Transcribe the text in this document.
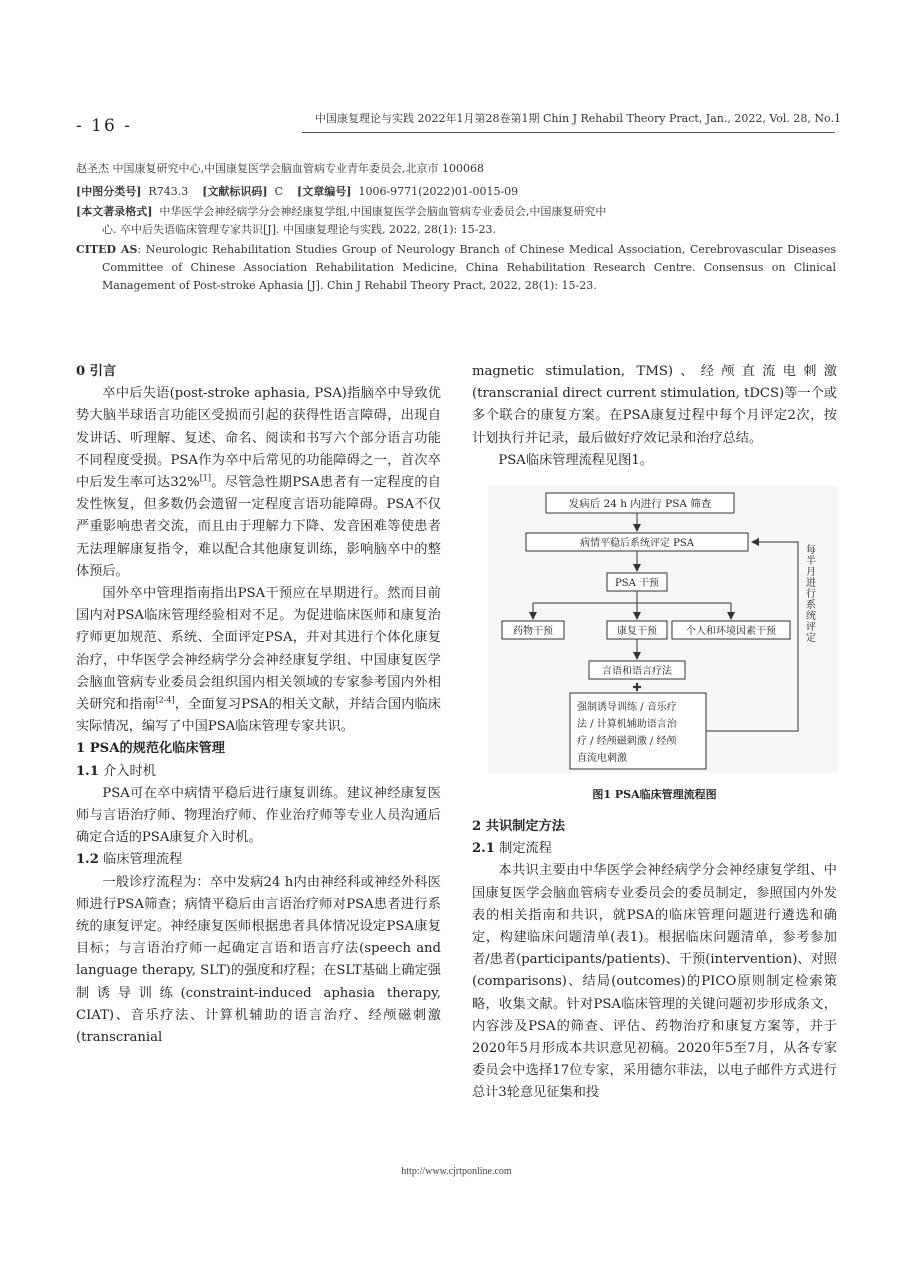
- 16 -	中国康复理论与实践 2022年1月第28卷第1期 Chin J Rehabil Theory Pract, Jan., 2022, Vol. 28, No.1

赵圣杰 中国康复研究中心,中国康复医学会脑血管病专业青年委员会,北京市 100068

[中图分类号] R743.3 [文献标识码] C [文章编号] 1006-9771(2022)01-0015-09

[本文著录格式] 中华医学会神经病学分会神经康复学组,中国康复医学会脑血管病专业委员会,中国康复研究中

心. 卒中后失语临床管理专家共识[J]. 中国康复理论与实践, 2022, 28(1): 15-23.

CITED AS: Neurologic Rehabilitation Studies Group of Neurology Branch of Chinese Medical Association, Cerebrovascular Diseases Committee of Chinese Association Rehabilitation Medicine, China Rehabilitation Research Centre. Consensus on Clinical Management of Post-stroke Aphasia [J]. Chin J Rehabil Theory Pract, 2022, 28(1): 15-23.

0 引言

卒中后失语(post-stroke aphasia, PSA)指脑卒中导致优势大脑半球语言功能区受损而引起的获得性语言障碍，出现自发讲话、听理解、复述、命名、阅读和书写六个部分语言功能不同程度受损。PSA作为卒中后常见的功能障碍之一，首次卒中后发生率可达32%[1]。尽管急性期PSA患者有一定程度的自发性恢复，但多数仍会遗留一定程度言语功能障碍。PSA不仅严重影响患者交流，而且由于理解力下降、发音困难等使患者无法理解康复指令，难以配合其他康复训练，影响脑卒中的整体预后。

国外卒中管理指南指出PSA干预应在早期进行。然而目前国内对PSA临床管理经验相对不足。为促进临床医师和康复治疗师更加规范、系统、全面评定PSA，并对其进行个体化康复治疗，中华医学会神经病学分会神经康复学组、中国康复医学会脑血管病专业委员会组织国内相关领域的专家参考国内外相关研究和指南[2-4]，全面复习PSA的相关文献，并结合国内临床实际情况，编写了中国PSA临床管理专家共识。

1 PSA的规范化临床管理

1.1 介入时机

PSA可在卒中病情平稳后进行康复训练。建议神经康复医师与言语治疗师、物理治疗师、作业治疗师等专业人员沟通后确定合适的PSA康复介入时机。

1.2 临床管理流程

一般诊疗流程为：卒中发病24 h内由神经科或神经外科医师进行PSA筛查；病情平稳后由言语治疗师对PSA患者进行系统的康复评定。神经康复医师根据患者具体情况设定PSA康复目标；与言语治疗师一起确定言语和语言疗法(speech and language therapy, SLT)的强度和疗程；在SLT基础上确定强制诱导训练(constraint-induced aphasia therapy, CIAT)、音乐疗法、计算机辅助的语言治疗、经颅磁刺激(transcranial

magnetic stimulation, TMS)、经颅直流电刺激(transcranial direct current stimulation, tDCS)等一个或多个联合的康复方案。在PSA康复过程中每个月评定2次，按计划执行并记录，最后做好疗效记录和治疗总结。

PSA临床管理流程见图1。

发病后 24 h 内进行 PSA 筛查
病情平稳后系统评定 PSA
PSA 干预
药物干预	康复干预	个人和环境因素干预
言语和语言疗法
✚
强制诱导训练 / 音乐疗
法 / 计算机辅助语言治
疗 / 经颅磁刺激 / 经颅
直流电刺激
每半月进行系统评定
图1 PSA临床管理流程图

2 共识制定方法

2.1 制定流程

本共识主要由中华医学会神经病学分会神经康复学组、中国康复医学会脑血管病专业委员会的委员制定，参照国内外发表的相关指南和共识，就PSA的临床管理问题进行遴选和确定，构建临床问题清单(表1)。根据临床问题清单，参考参加者/患者(participants/patients)、干预(intervention)、对照(comparisons)、结局(outcomes)的PICO原则制定检索策略，收集文献。针对PSA临床管理的关键问题初步形成条文，内容涉及PSA的筛查、评估、药物治疗和康复方案等，并于2020年5月形成本共识意见初稿。2020年5至7月，从各专家委员会中选择17位专家，采用德尔菲法，以电子邮件方式进行总计3轮意见征集和投

http://www.cjrtponline.com
